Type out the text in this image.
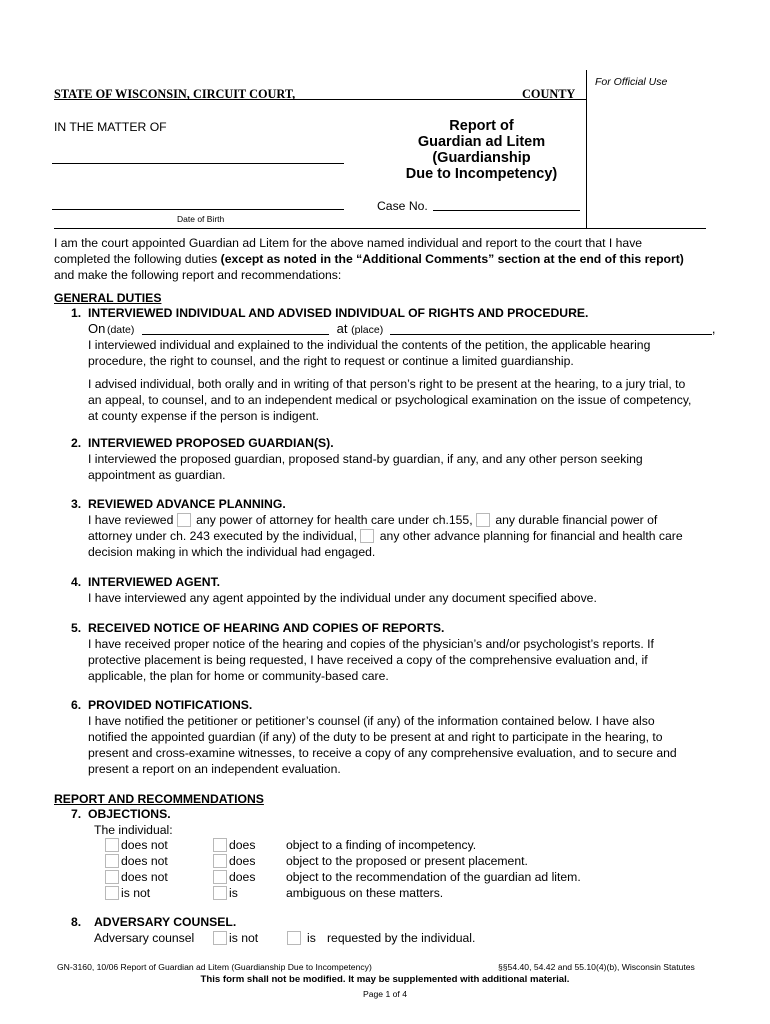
For Official Use
STATE OF WISCONSIN, CIRCUIT COURT,	COUNTY
IN THE MATTER OF
Date of Birth
Report of
Guardian ad Litem
(Guardianship
Due to Incompetency)
Case No.
I am the court appointed Guardian ad Litem for the above named individual and report to the court that I have
completed the following duties (except as noted in the “Additional Comments” section at the end of this report)
and make the following report and recommendations:
GENERAL DUTIES
1. INTERVIEWED INDIVIDUAL AND ADVISED INDIVIDUAL OF RIGHTS AND PROCEDURE.
On (date)	at (place)	,
I interviewed individual and explained to the individual the contents of the petition, the applicable hearing
procedure, the right to counsel, and the right to request or continue a limited guardianship.
I advised individual, both orally and in writing of that person’s right to be present at the hearing, to a jury trial, to
an appeal, to counsel, and to an independent medical or psychological examination on the issue of competency,
at county expense if the person is indigent.
2. INTERVIEWED PROPOSED GUARDIAN(S).
I interviewed the proposed guardian, proposed stand-by guardian, if any, and any other person seeking
appointment as guardian.
3. REVIEWED ADVANCE PLANNING.
I have reviewed any power of attorney for health care under ch.155, any durable financial power of
attorney under ch. 243 executed by the individual, any other advance planning for financial and health care
decision making in which the individual had engaged.
4. INTERVIEWED AGENT.
I have interviewed any agent appointed by the individual under any document specified above.
5. RECEIVED NOTICE OF HEARING AND COPIES OF REPORTS.
I have received proper notice of the hearing and copies of the physician’s and/or psychologist’s reports. If
protective placement is being requested, I have received a copy of the comprehensive evaluation and, if
applicable, the plan for home or community-based care.
6. PROVIDED NOTIFICATIONS.
I have notified the petitioner or petitioner’s counsel (if any) of the information contained below. I have also
notified the appointed guardian (if any) of the duty to be present at and right to participate in the hearing, to
present and cross-examine witnesses, to receive a copy of any comprehensive evaluation, and to secure and
present a report on an independent evaluation.
REPORT AND RECOMMENDATIONS
7. OBJECTIONS.
The individual:
does not	does	object to a finding of incompetency.
does not	does	object to the proposed or present placement.
does not	does	object to the recommendation of the guardian ad litem.
is not	is	ambiguous on these matters.
8. ADVERSARY COUNSEL.
Adversary counsel	is not	is requested by the individual.
GN-3160, 10/06 Report of Guardian ad Litem (Guardianship Due to Incompetency)	§§54.40, 54.42 and 55.10(4)(b), Wisconsin Statutes
This form shall not be modified. It may be supplemented with additional material.
Page 1 of 4
